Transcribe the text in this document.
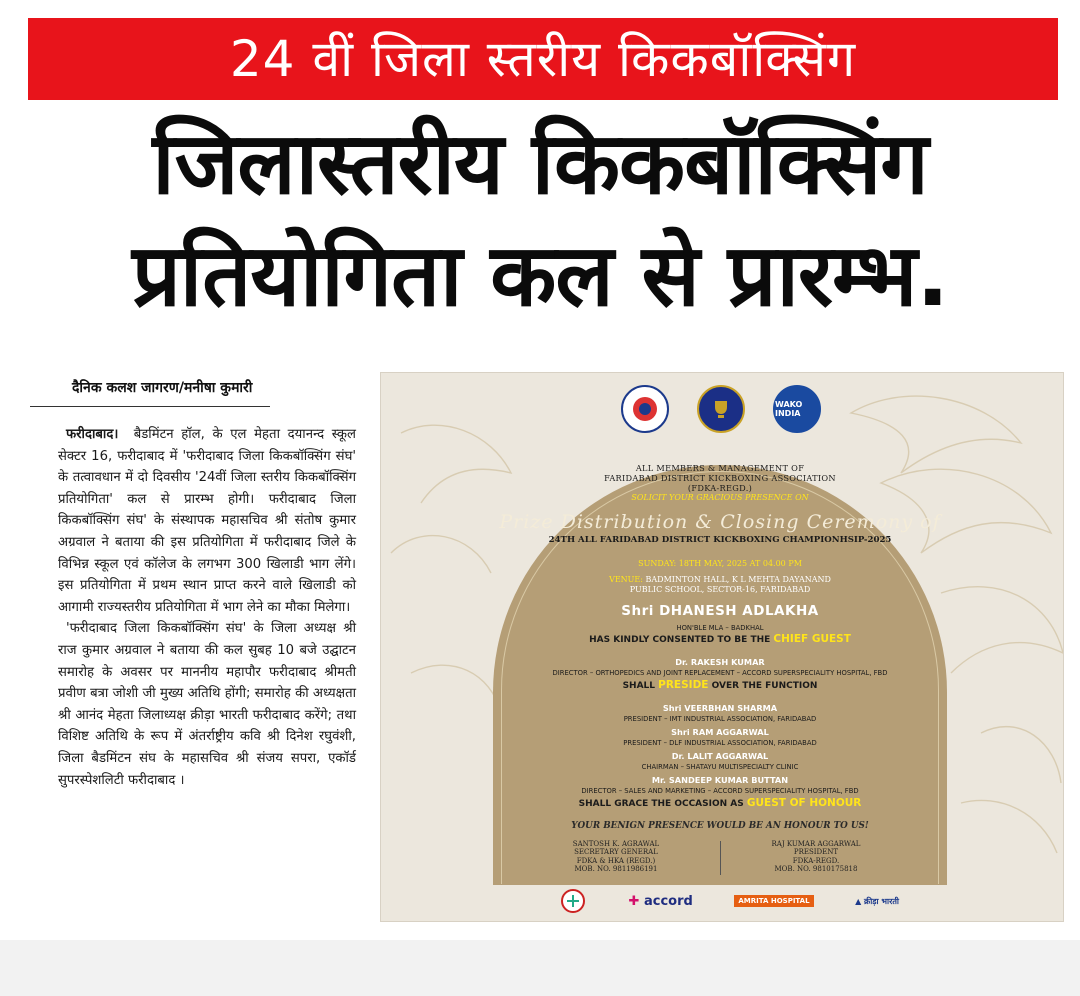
24 वीं जिला स्तरीय किकबॉक्सिंग
जिलास्तरीय किकबॉक्सिंग
प्रतियोगिता कल से प्रारम्भ.
दैनिक कलश जागरण/मनीषा कुमारी

फरीदाबाद। बैडमिंटन हॉल, के एल मेहता दयानन्द स्कूल सेक्टर 16, फरीदाबाद में 'फरीदाबाद जिला किकबॉक्सिंग संघ' के तत्वावधान में दो दिवसीय '24वीं जिला स्तरीय किकबॉक्सिंग प्रतियोगिता' कल से प्रारम्भ होगी। फरीदाबाद जिला किकबॉक्सिंग संघ' के संस्थापक महासचिव श्री संतोष कुमार अग्रवाल ने बताया की इस प्रतियोगिता में फरीदाबाद जिले के विभिन्न स्कूल एवं कॉलेज के लगभग 300 खिलाडी भाग लेंगे। इस प्रतियोगिता में प्रथम स्थान प्राप्त करने वाले खिलाडी को आगामी राज्यस्तरीय प्रतियोगिता में भाग लेने का मौका मिलेगा।

'फरीदाबाद जिला किकबॉक्सिंग संघ' के जिला अध्यक्ष श्री राज कुमार अग्रवाल ने बताया की कल सुबह 10 बजे उद्घाटन समारोह के अवसर पर माननीय महापौर फरीदाबाद श्रीमती प्रवीण बत्रा जोशी जी मुख्य अतिथि होंगी; समारोह की अध्यक्षता श्री आनंद मेहता जिलाध्यक्ष क्रीड़ा भारती फरीदाबाद करेंगे; तथा विशिष्ट अतिथि के रूप में अंतर्राष्ट्रीय कवि श्री दिनेश रघुवंशी, जिला बैडमिंटन संघ के महासचिव श्री संजय सपरा, एकॉर्ड सुपरस्पेशलिटी फरीदाबाद ।

WAKO INDIA
ALL MEMBERS & MANAGEMENT OF
FARIDABAD DISTRICT KICKBOXING ASSOCIATION
(FDKA-REGD.)
SOLICIT YOUR GRACIOUS PRESENCE ON
Prize Distribution & Closing Ceremony of
24TH ALL FARIDABAD DISTRICT KICKBOXING CHAMPIONHSIP-2025
SUNDAY: 18TH MAY, 2025 AT 04.00 PM
VENUE: BADMINTON HALL, K L MEHTA DAYANAND
PUBLIC SCHOOL, SECTOR-16, FARIDABAD
Shri DHANESH ADLAKHA
HON'BLE MLA – BADKHAL
HAS KINDLY CONSENTED TO BE THE CHIEF GUEST
Dr. RAKESH KUMAR
DIRECTOR – ORTHOPEDICS AND JOINT REPLACEMENT – ACCORD SUPERSPECIALITY HOSPITAL, FBD
SHALL PRESIDE OVER THE FUNCTION
Shri VEERBHAN SHARMA
PRESIDENT – IMT INDUSTRIAL ASSOCIATION, FARIDABAD
Shri RAM AGGARWAL
PRESIDENT – DLF INDUSTRIAL ASSOCIATION, FARIDABAD
Dr. LALIT AGGARWAL
CHAIRMAN – SHATAYU MULTISPECIALTY CLINIC
Mr. SANDEEP KUMAR BUTTAN
DIRECTOR – SALES AND MARKETING – ACCORD SUPERSPECIALITY HOSPITAL, FBD
SHALL GRACE THE OCCASION AS GUEST OF HONOUR
YOUR BENIGN PRESENCE WOULD BE AN HONOUR TO US!
SANTOSH K. AGRAWAL
SECRETARY GENERAL
FDKA & HKA (REGD.)
MOB. NO. 9811986191
RAJ KUMAR AGGARWAL
PRESIDENT
FDKA-REGD.
MOB. NO. 9810175818
✚ accord	AMRITA HOSPITAL	▲ क्रीड़ा भारती
